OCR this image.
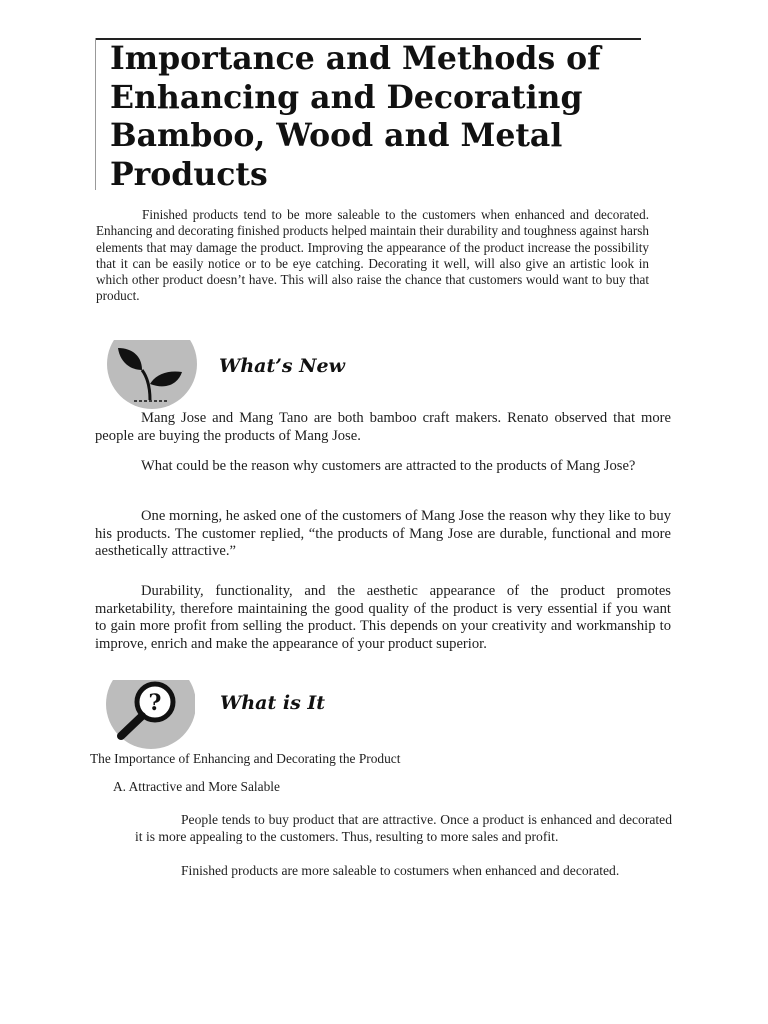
Importance and Methods of Enhancing and Decorating Bamboo, Wood and Metal Products

Finished products tend to be more saleable to the customers when enhanced and decorated. Enhancing and decorating finished products helped maintain their durability and toughness against harsh elements that may damage the product. Improving the appearance of the product increase the possibility that it can be easily notice or to be eye catching. Decorating it well, will also give an artistic look in which other product doesn’t have. This will also raise the chance that customers would want to buy that product.

What’s New

Mang Jose and Mang Tano are both bamboo craft makers. Renato observed that more people are buying the products of Mang Jose.

What could be the reason why customers are attracted to the products of Mang Jose?

One morning, he asked one of the customers of Mang Jose the reason why they like to buy his products. The customer replied, “the products of Mang Jose are durable, functional and more aesthetically attractive.”

Durability, functionality, and the aesthetic appearance of the product promotes marketability, therefore maintaining the good quality of the product is very essential if you want to gain more profit from selling the product. This depends on your creativity and workmanship to improve, enrich and make the appearance of your product superior.

?	What is It

The Importance of Enhancing and Decorating the Product

A. Attractive and More Salable

People tends to buy product that are attractive. Once a product is enhanced and decorated it is more appealing to the customers. Thus, resulting to more sales and profit.

Finished products are more saleable to costumers when enhanced and decorated.
